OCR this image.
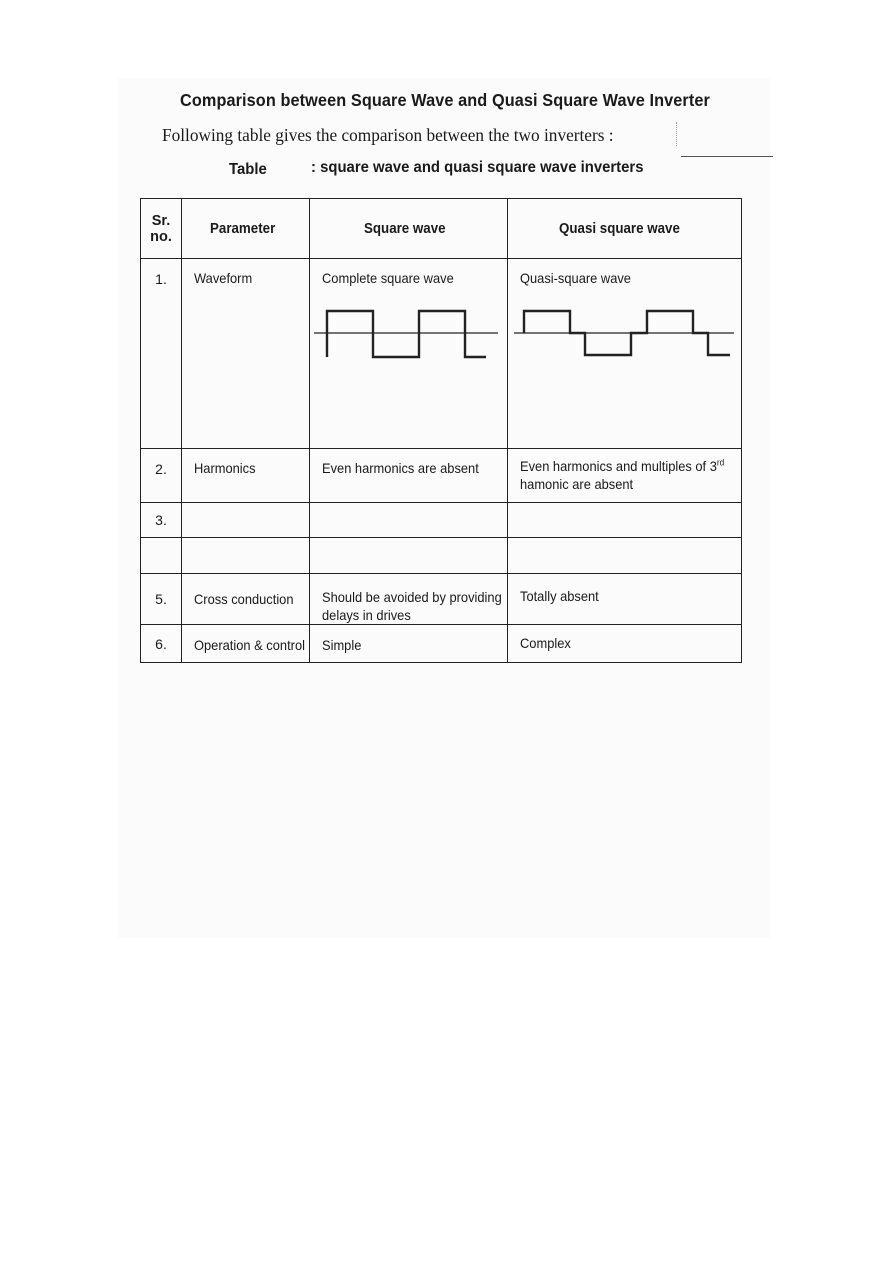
Comparison between Square Wave and Quasi Square Wave Inverter
Following table gives the comparison between the two inverters :
Table	: square wave and quasi square wave inverters
Sr.
no.	Parameter	Square wave	Quasi square wave
1.	Waveform	Complete square wave	Quasi-square wave

2.	Harmonics	Even harmonics are absent	Even harmonics and multiples of 3rd
hamonic are absent

3.	

5.	Cross conduction	Should be avoided by providing delays in drives	Totally absent

6.	Operation & control	Simple	Complex
